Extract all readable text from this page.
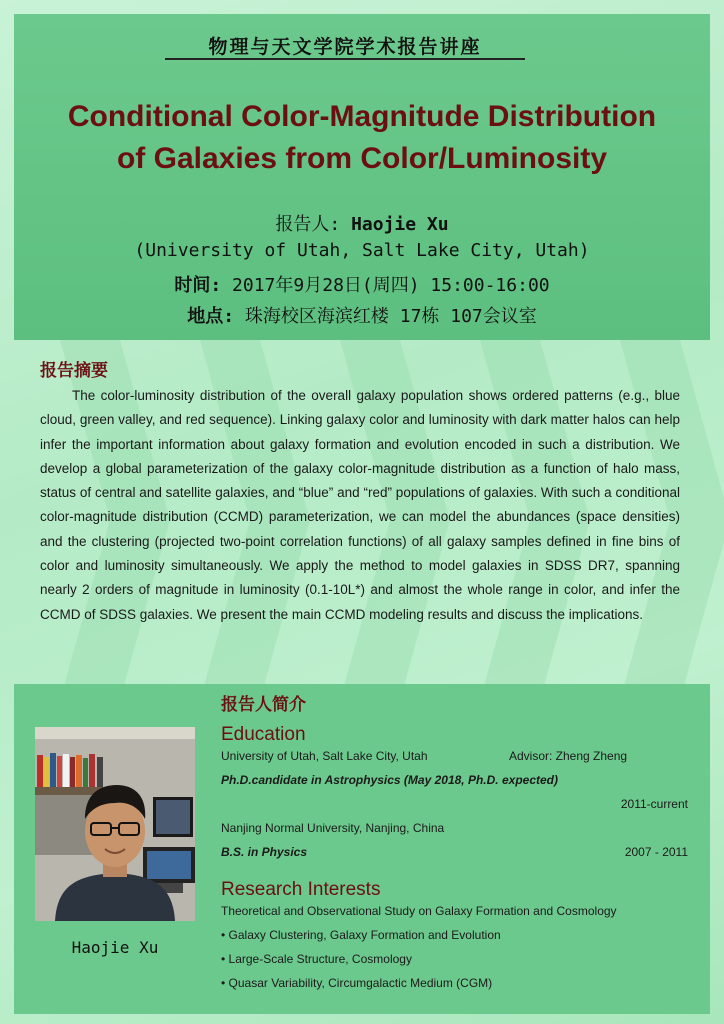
物理与天文学院学术报告讲座
Conditional Color-Magnitude Distribution
of Galaxies from Color/Luminosity
报告人: Haojie Xu
(University of Utah, Salt Lake City, Utah)
时间: 2017年9月28日(周四) 15:00-16:00
地点: 珠海校区海滨红楼 17栋 107会议室
报告摘要
The color-luminosity distribution of the overall galaxy population shows ordered patterns (e.g., blue cloud, green valley, and red sequence). Linking galaxy color and luminosity with dark matter halos can help infer the important information about galaxy formation and evolution encoded in such a distribution. We develop a global parameterization of the galaxy color-magnitude distribution as a function of halo mass, status of central and satellite galaxies, and “blue” and “red” populations of galaxies. With such a conditional color-magnitude distribution (CCMD) parameterization, we can model the abundances (space densities) and the clustering (projected two-point correlation functions) of all galaxy samples defined in fine bins of color and luminosity simultaneously. We apply the method to model galaxies in SDSS DR7, spanning nearly 2 orders of magnitude in luminosity (0.1-10L*) and almost the whole range in color, and infer the CCMD of SDSS galaxies. We present the main CCMD modeling results and discuss the implications.
Haojie Xu
报告人简介
Education
University of Utah, Salt Lake City, Utah	Advisor: Zheng Zheng
Ph.D.candidate in Astrophysics (May 2018, Ph.D. expected)
2011-current
Nanjing Normal University, Nanjing, China
B.S. in Physics	2007 - 2011
Research Interests
Theoretical and Observational Study on Galaxy Formation and Cosmology
• Galaxy Clustering, Galaxy Formation and Evolution
• Large-Scale Structure, Cosmology
• Quasar Variability, Circumgalactic Medium (CGM)
